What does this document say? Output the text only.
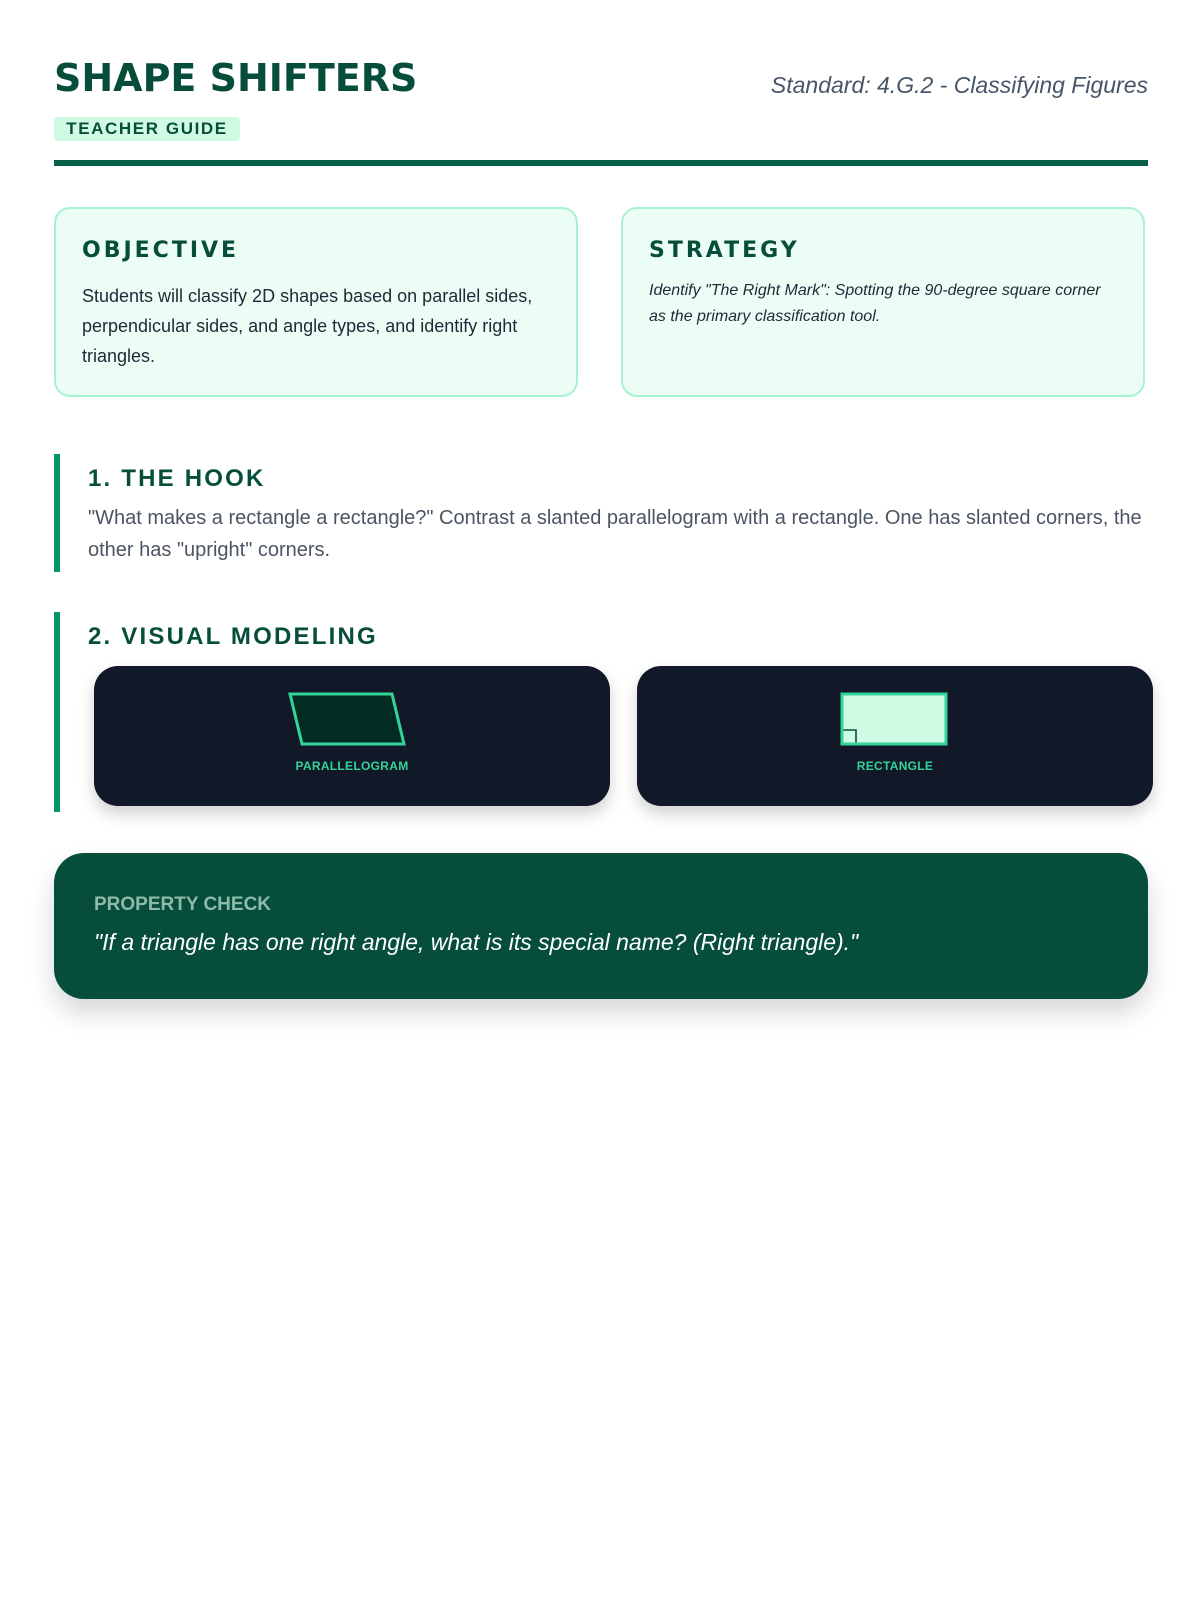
SHAPE SHIFTERS
TEACHER GUIDE
Standard: 4.G.2 - Classifying Figures
OBJECTIVE

Students will classify 2D shapes based on parallel sides, perpendicular sides, and angle types, and identify right triangles.

STRATEGY

Identify "The Right Mark": Spotting the 90-degree square corner as the primary classification tool.

1. THE HOOK

"What makes a rectangle a rectangle?" Contrast a slanted parallelogram with a rectangle. One has slanted corners, the other has "upright" corners.

2. VISUAL MODELING
PARALLELOGRAM	RECTANGLE
PROPERTY CHECK

"If a triangle has one right angle, what is its special name? (Right triangle)."
